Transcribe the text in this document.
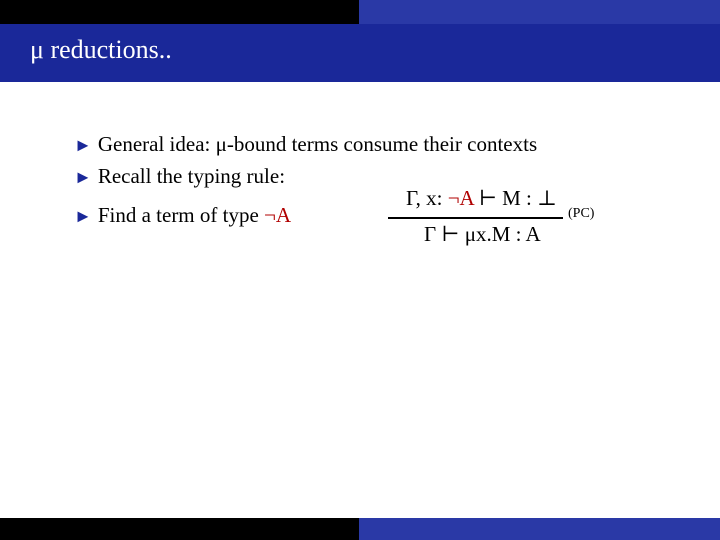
μ reductions..
► General idea: μ-bound terms consume their contexts
► Recall the typing rule:
► Find a term of type ¬A
Γ, x: ¬A ⊢ M : ⊥
(PC)
Γ ⊢ μx.M : A
